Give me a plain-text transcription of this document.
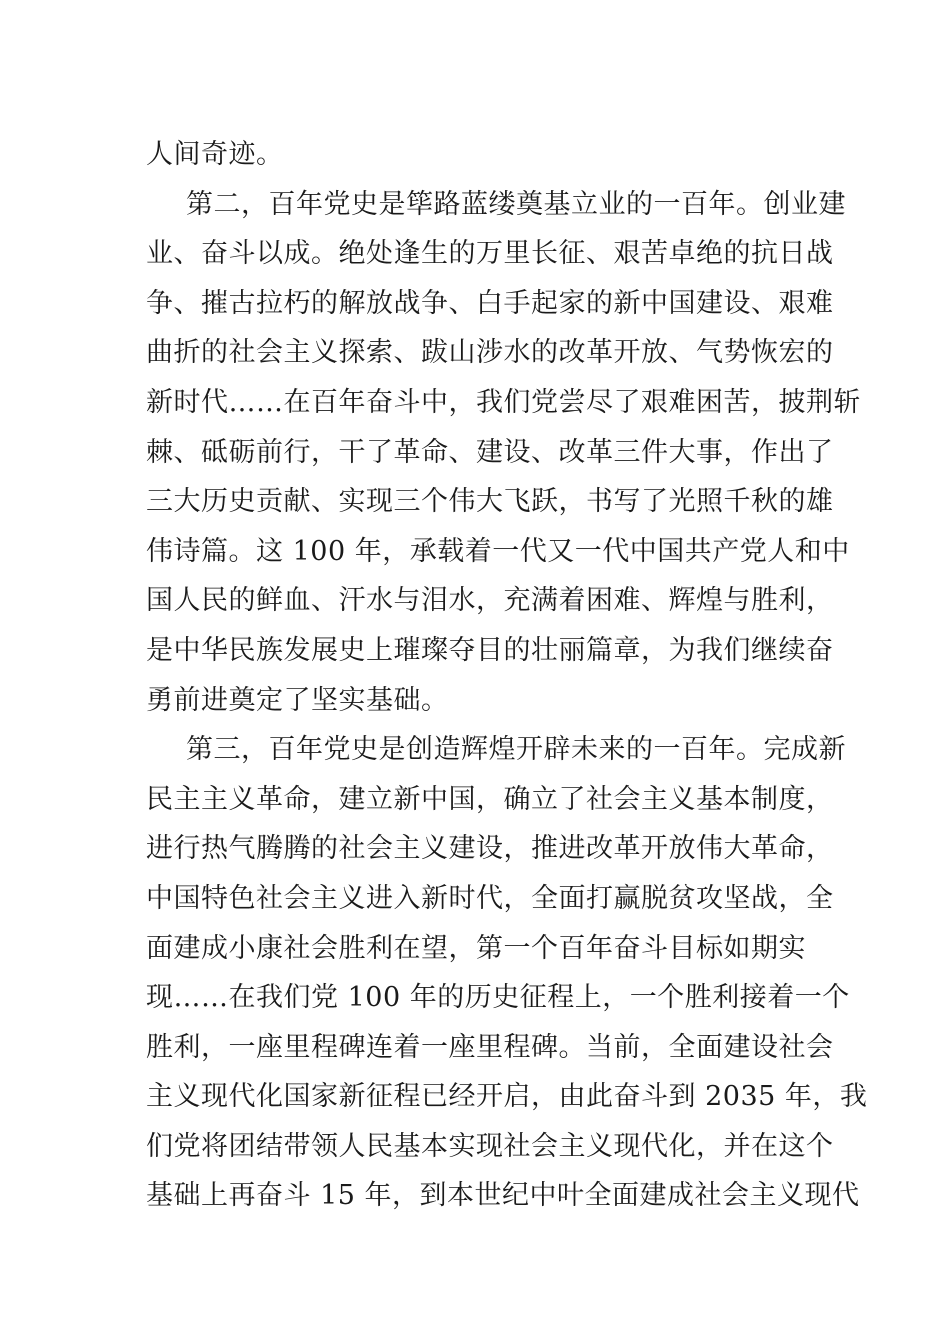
人间奇迹。
第二，百年党史是筚路蓝缕奠基立业的一百年。创业建
业、奋斗以成。绝处逢生的万里长征、艰苦卓绝的抗日战
争、摧古拉朽的解放战争、白手起家的新中国建设、艰难
曲折的社会主义探索、跋山涉水的改革开放、气势恢宏的
新时代……在百年奋斗中，我们党尝尽了艰难困苦，披荆斩
棘、砥砺前行，干了革命、建设、改革三件大事，作出了
三大历史贡献、实现三个伟大飞跃，书写了光照千秋的雄
伟诗篇。这 100 年，承载着一代又一代中国共产党人和中
国人民的鲜血、汗水与泪水，充满着困难、辉煌与胜利，
是中华民族发展史上璀璨夺目的壮丽篇章，为我们继续奋
勇前进奠定了坚实基础。
第三，百年党史是创造辉煌开辟未来的一百年。完成新
民主主义革命，建立新中国，确立了社会主义基本制度，
进行热气腾腾的社会主义建设，推进改革开放伟大革命，
中国特色社会主义进入新时代，全面打赢脱贫攻坚战，全
面建成小康社会胜利在望，第一个百年奋斗目标如期实
现……在我们党 100 年的历史征程上，一个胜利接着一个
胜利，一座里程碑连着一座里程碑。当前，全面建设社会
主义现代化国家新征程已经开启，由此奋斗到 2035 年，我
们党将团结带领人民基本实现社会主义现代化，并在这个
基础上再奋斗 15 年，到本世纪中叶全面建成社会主义现代
